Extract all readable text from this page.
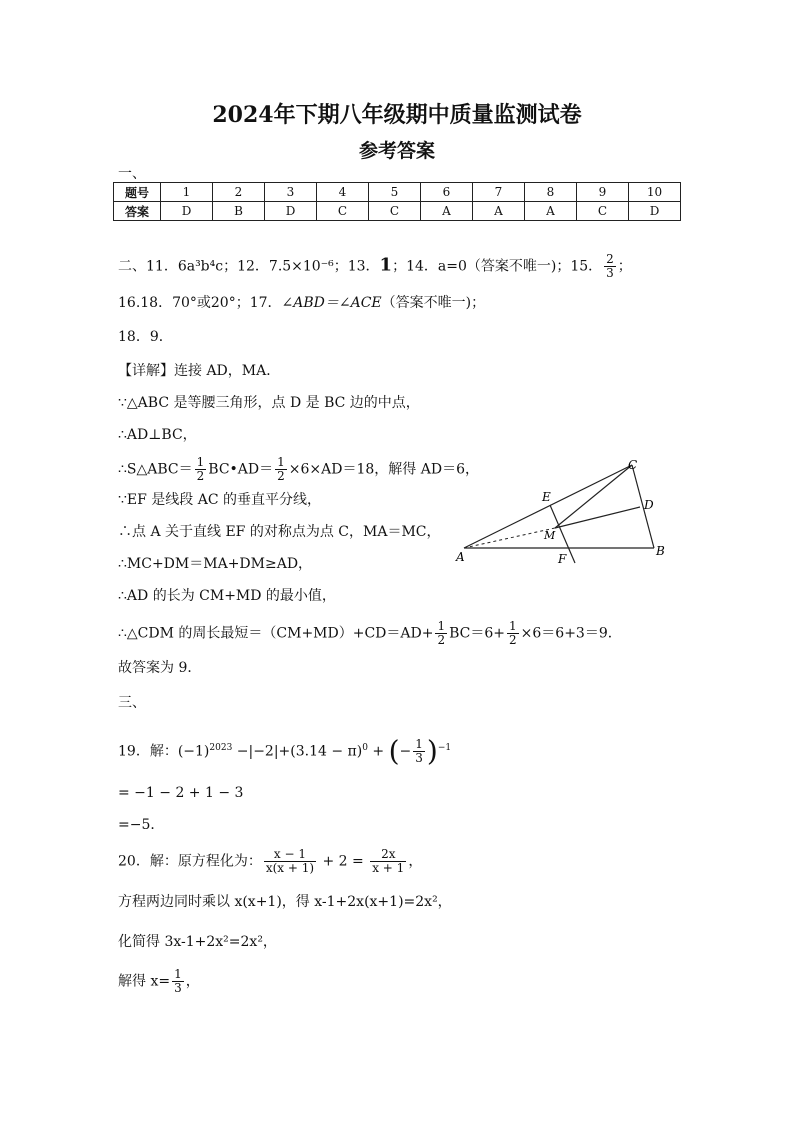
2024年下期八年级期中质量监测试卷
参考答案
一、
题号	1	2	3	4	5	6	7	8	9	10
答案	D	B	D	C	C	A	A	A	C	D
二、11．6a³b⁴c；12．7.5×10⁻⁶；13．1；14．a=0（答案不唯一)；15． $\frac{2}{3}$ ；
16.18．70°或20°；17．∠ABD＝∠ACE（答案不唯一)；
18．9．
【详解】连接 AD，MA．
∵△ABC 是等腰三角形，点 D 是 BC 边的中点，
∴AD⊥BC，
∴S△ABC＝ $\frac{1}{2}$ BC•AD＝ $\frac{1}{2} \times 6\times AD=18$，解得 AD＝6，
∵EF 是线段 AC 的垂直平分线，
∴点 A 关于直线 EF 的对称点为点 C，MA＝MC，
∴MC+DM＝MA+DM≥AD，
∴AD 的长为 CM+MD 的最小值，
∴△CDM 的周长最短$=(CM+MD)+CD=AD+ \frac{1}{2} BC=6+ \frac{1}{2} \times 6=6+3=9$．
故答案为 9．
A	B
C
D
E
F
M
三、
19．解：$(-1)^{2023} -|-2|+(3.14 - \pi)^0$ + (− $\frac{1}{3} )^{-1}$
= −1 − 2 + 1 − 3
=−5．
20．解：原方程化为： $\frac{x - 1}{x(x + 1)} + 2 = \frac{2x}{x + 1}$ ，
方程两边同时乘以 x(x+1)，得 x-1+2x(x+1)=2x²，
化简得 3x-1+2x²=2x²，
解得 $x= \frac{1}{3}$ ，
